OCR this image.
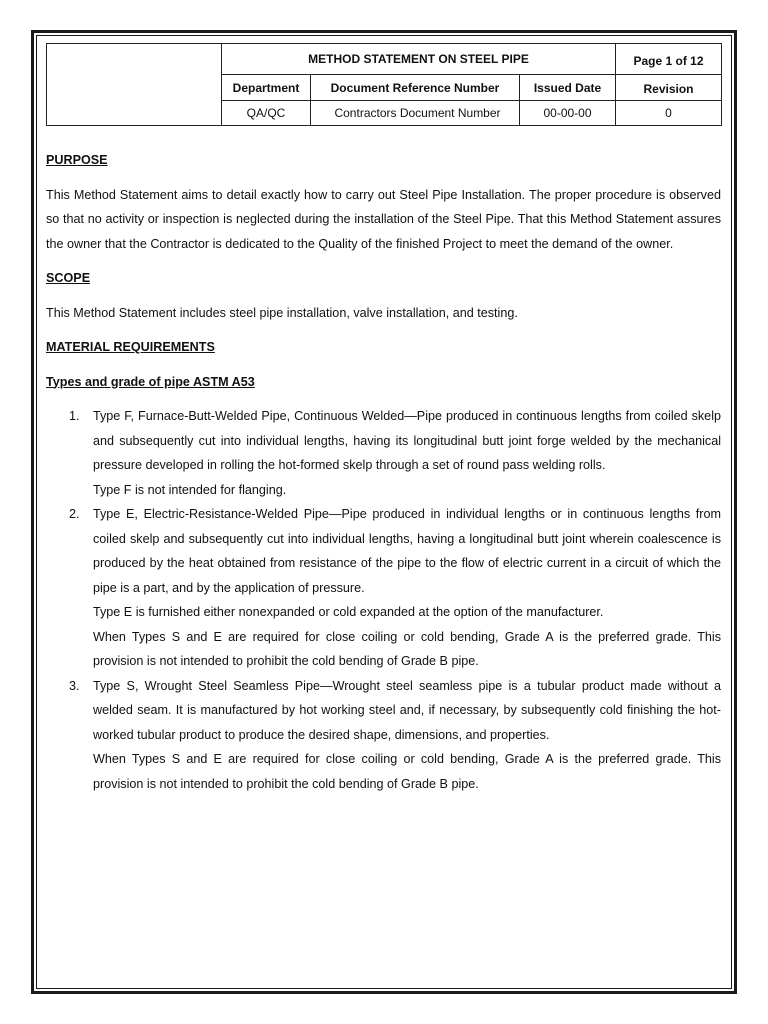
METHOD STATEMENT ON STEEL PIPE	Page 1 of 12
Department	Document Reference Number	Issued Date	Revision
QA/QC	Contractors Document Number	00-00-00	0

PURPOSE

This Method Statement aims to detail exactly how to carry out Steel Pipe Installation. The proper procedure is observed so that no activity or inspection is neglected during the installation of the Steel Pipe. That this Method Statement assures the owner that the Contractor is dedicated to the Quality of the finished Project to meet the demand of the owner.

SCOPE

This Method Statement includes steel pipe installation, valve installation, and testing.

MATERIAL REQUIREMENTS

Types and grade of pipe ASTM A53

1. Type F, Furnace-Butt-Welded Pipe, Continuous Welded—Pipe produced in continuous lengths from coiled skelp and subsequently cut into individual lengths, having its longitudinal butt joint forge welded by the mechanical pressure developed in rolling the hot-formed skelp through a set of round pass welding rolls.

Type F is not intended for flanging.

2. Type E, Electric-Resistance-Welded Pipe—Pipe produced in individual lengths or in continuous lengths from coiled skelp and subsequently cut into individual lengths, having a longitudinal butt joint wherein coalescence is produced by the heat obtained from resistance of the pipe to the flow of electric current in a circuit of which the pipe is a part, and by the application of pressure.

Type E is furnished either nonexpanded or cold expanded at the option of the manufacturer.

When Types S and E are required for close coiling or cold bending, Grade A is the preferred grade. This provision is not intended to prohibit the cold bending of Grade B pipe.

3. Type S, Wrought Steel Seamless Pipe—Wrought steel seamless pipe is a tubular product made without a welded seam. It is manufactured by hot working steel and, if necessary, by subsequently cold finishing the hot-worked tubular product to produce the desired shape, dimensions, and properties.

When Types S and E are required for close coiling or cold bending, Grade A is the preferred grade. This provision is not intended to prohibit the cold bending of Grade B pipe.
